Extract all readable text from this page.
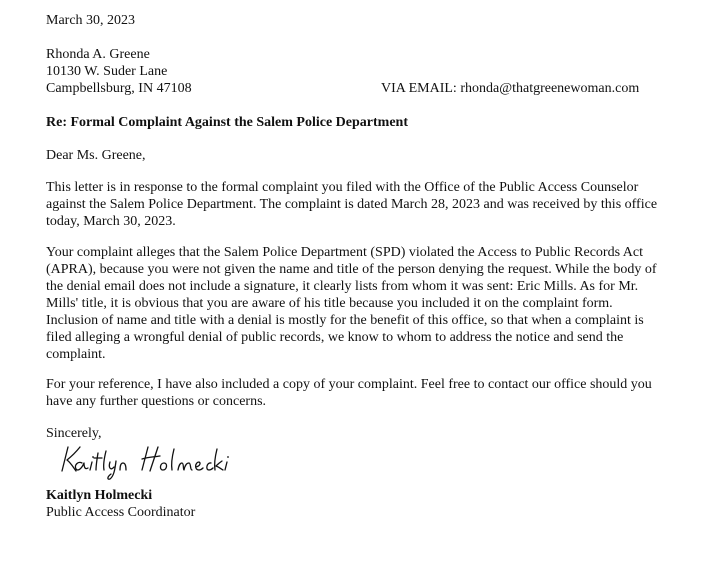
March 30, 2023
Rhonda A. Greene
10130 W. Suder Lane
Campbellsburg, IN 47108	VIA EMAIL: rhonda@thatgreenewoman.com
Re: Formal Complaint Against the Salem Police Department
Dear Ms. Greene,
This letter is in response to the formal complaint you filed with the Office of the Public Access Counselor against the Salem Police Department. The complaint is dated March 28, 2023 and was received by this office today, March 30, 2023.
Your complaint alleges that the Salem Police Department (SPD) violated the Access to Public Records Act (APRA), because you were not given the name and title of the person denying the request. While the body of the denial email does not include a signature, it clearly lists from whom it was sent: Eric Mills. As for Mr. Mills' title, it is obvious that you are aware of his title because you included it on the complaint form. Inclusion of name and title with a denial is mostly for the benefit of this office, so that when a complaint is filed alleging a wrongful denial of public records, we know to whom to address the notice and send the complaint.
For your reference, I have also included a copy of your complaint. Feel free to contact our office should you have any further questions or concerns.
Sincerely,
Kaitlyn Holmecki
Public Access Coordinator
